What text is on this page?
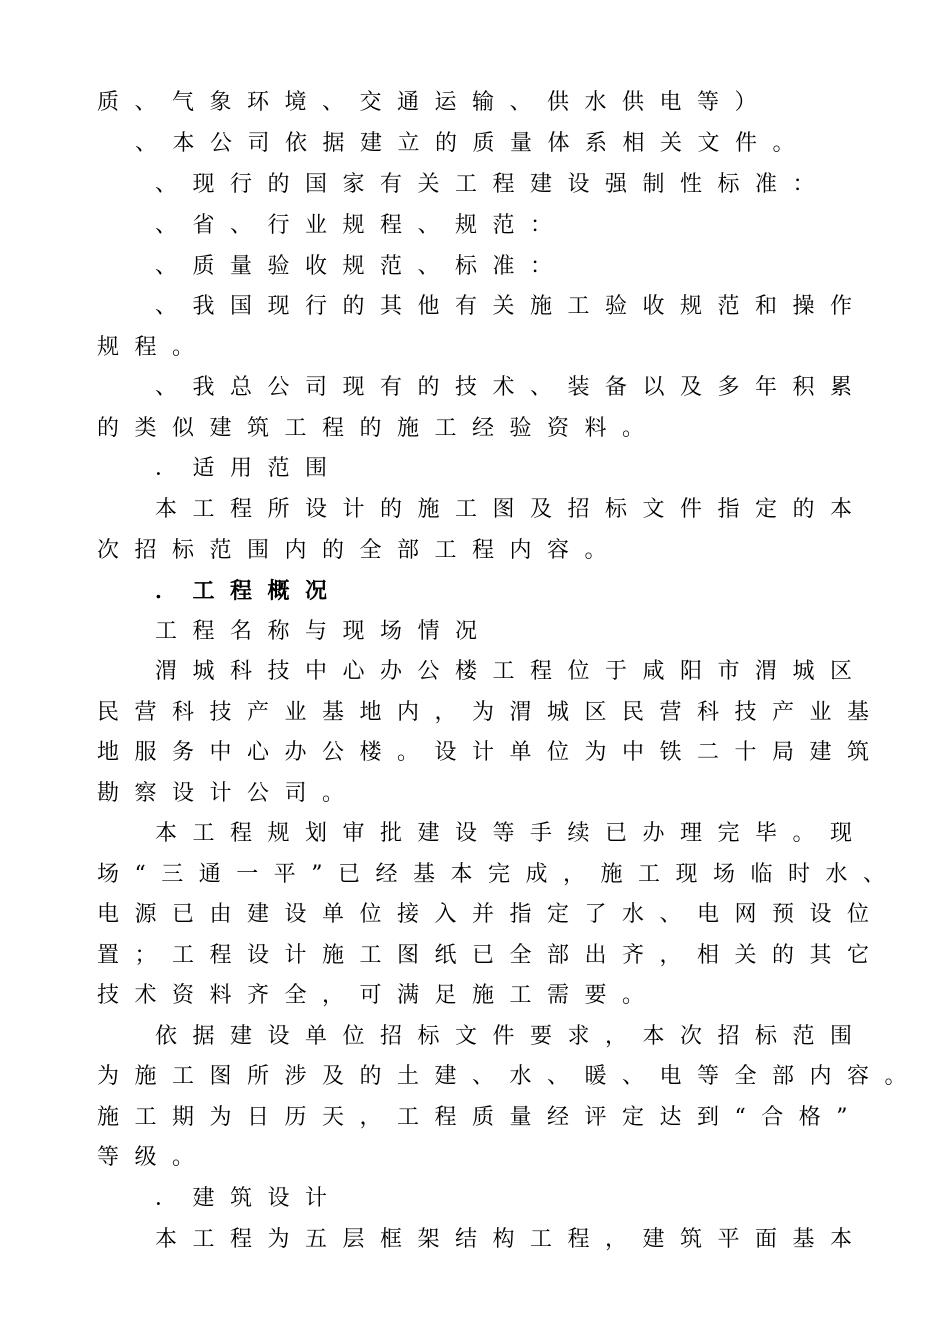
质、气象环境、交通运输、供水供电等）
、本公司依据建立的质量体系相关文件。
、现行的国家有关工程建设强制性标准：
、省、行业规程、规范：
、质量验收规范、标准：
、我国现行的其他有关施工验收规范和操作
规程。
、我总公司现有的技术、装备以及多年积累
的类似建筑工程的施工经验资料。
．适用范围
本工程所设计的施工图及招标文件指定的本
次招标范围内的全部工程内容。
．工程概况
工程名称与现场情况
渭城科技中心办公楼工程位于咸阳市渭城区
民营科技产业基地内，为渭城区民营科技产业基
地服务中心办公楼。设计单位为中铁二十局建筑
勘察设计公司。
本工程规划审批建设等手续已办理完毕。现
场“三通一平”已经基本完成，施工现场临时水、
电源已由建设单位接入并指定了水、电网预设位
置；工程设计施工图纸已全部出齐，相关的其它
技术资料齐全，可满足施工需要。
依据建设单位招标文件要求，本次招标范围
为施工图所涉及的土建、水、暖、电等全部内容。
施工期为日历天，工程质量经评定达到“合格”
等级。
．建筑设计
本工程为五层框架结构工程，建筑平面基本
